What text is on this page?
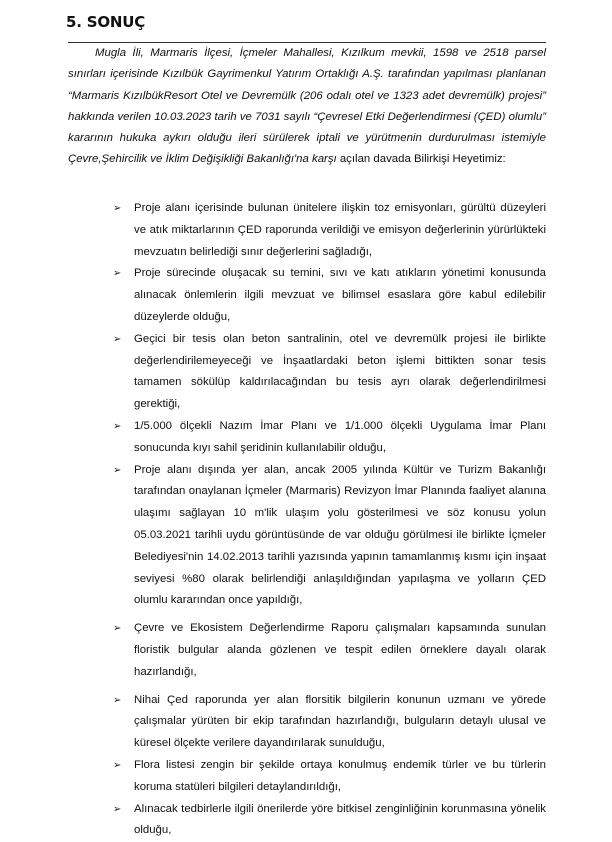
5. SONUÇ

Mugla İli, Marmaris İlçesi, İçmeler Mahallesi, Kızılkum mevkii, 1598 ve 2518 parsel sınırları içerisinde Kızılbük Gayrimenkul Yatırım Ortaklığı A.Ş. tarafından yapılması planlanan “Marmaris KızılbükResort Otel ve Devremülk (206 odalı otel ve 1323 adet devremülk) projesi” hakkında verilen 10.03.2023 tarih ve 7031 sayılı “Çevresel Etki Değerlendirmesi (ÇED) olumlu” kararının hukuka aykırı olduğu ileri sürülerek iptali ve yürütmenin durdurulması istemiyle Çevre,Şehircilik ve İklim Değişikliği Bakanlığı'na karşı açılan davada Bilirkişi Heyetimiz:

➢	Proje alanı içerisinde bulunan ünitelere ilişkin toz emisyonları, gürültü düzeyleri ve atık miktarlarının ÇED raporunda verildiği ve emisyon değerlerinin yürürlükteki mevzuatın belirlediği sınır değerlerini sağladığı,
➢	Proje sürecinde oluşacak su temini, sıvı ve katı atıkların yönetimi konusunda alınacak önlemlerin ilgili mevzuat ve bilimsel esaslara göre kabul edilebilir düzeylerde olduğu,
➢	Geçici bir tesis olan beton santralinin, otel ve devremülk projesi ile birlikte değerlendirilemeyeceği ve İnşaatlardaki beton işlemi bittikten sonar tesis tamamen sökülüp kaldırılacağından bu tesis ayrı olarak değerlendirilmesi gerektiği,
➢	1/5.000 ölçekli Nazım İmar Planı ve 1/1.000 ölçekli Uygulama İmar Planı sonucunda kıyı sahil şeridinin kullanılabilir olduğu,
➢	Proje alanı dışında yer alan, ancak 2005 yılında Kültür ve Turizm Bakanlığı tarafından onaylanan İçmeler (Marmaris) Revizyon İmar Planında faaliyet alanına ulaşımı sağlayan 10 m'lik ulaşım yolu gösterilmesi ve söz konusu yolun 05.03.2021 tarihli uydu görüntüsünde de var olduğu görülmesi ile birlikte İçmeler Belediyesi'nin 14.02.2013 tarihli yazısında yapının tamamlanmış kısmı için inşaat seviyesi %80 olarak belirlendiği anlaşıldığından yapılaşma ve yolların ÇED olumlu kararından once yapıldığı,
➢	Çevre ve Ekosistem Değerlendirme Raporu çalışmaları kapsamında sunulan floristik bulgular alanda gözlenen ve tespit edilen örneklere dayalı olarak hazırlandığı,
➢	Nihai Çed raporunda yer alan florsitik bilgilerin konunun uzmanı ve yörede çalışmalar yürüten bir ekip tarafından hazırlandığı, bulguların detaylı ulusal ve küresel ölçekte verilere dayandırılarak sunulduğu,
➢	Flora listesi zengin bir şekilde ortaya konulmuş endemik türler ve bu türlerin koruma statüleri bilgileri detaylandırıldığı,
➢	Alınacak tedbirlerle ilgili önerilerde yöre bitkisel zenginliğinin korunmasına yönelik olduğu,
